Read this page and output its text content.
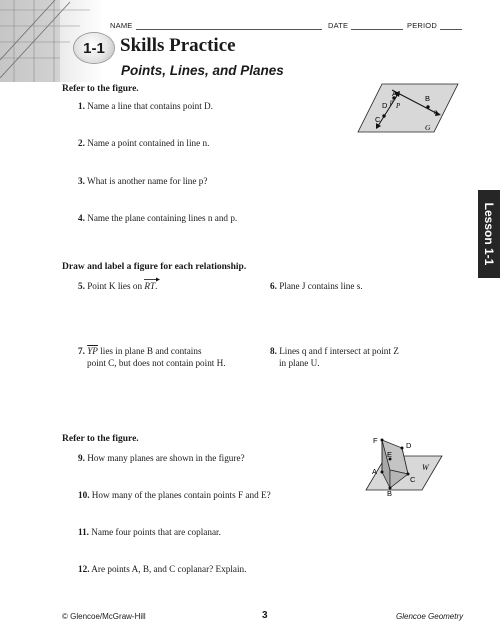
NAME	DATE	PERIOD
1-1 Skills Practice
Points, Lines, and Planes
Lesson 1-1
Refer to the figure.
1. Name a line that contains point D.
2. Name a point contained in line n.
3. What is another name for line p?
4. Name the plane containing lines n and p.
A
B
C
D P
p
n
G
Draw and label a figure for each relationship.
5. Point K lies on RT
.	6. Plane J contains line s.
7. $\overline{YP}$ lies in plane B and contains
point C, but does not contain point H.
8. Lines q and f intersect at point Z
in plane U.
Refer to the figure.
9. How many planes are shown in the figure?
10. How many of the planes contain points F and E?
11. Name four points that are coplanar.
12. Are points A, B, and C coplanar? Explain.
F
D
E
A
C
B
W
© Glencoe/McGraw-Hill	3	Glencoe Geometry
